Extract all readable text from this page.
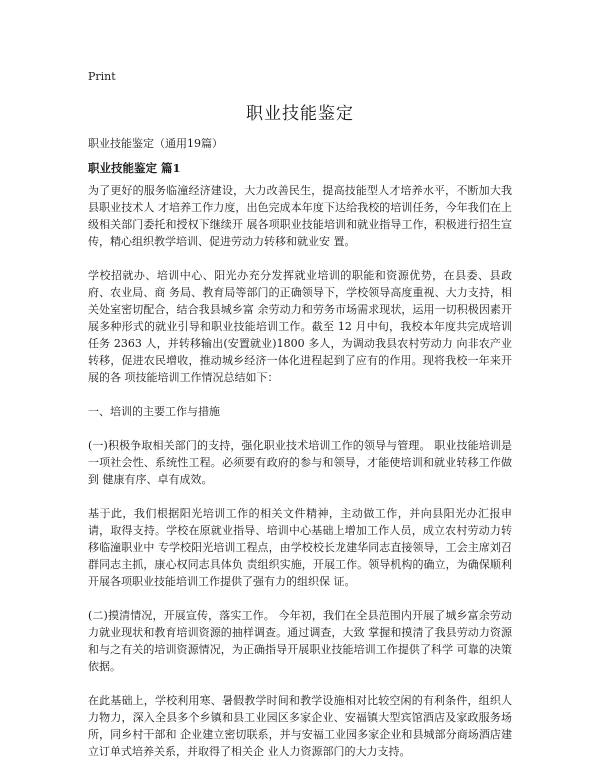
Print
职业技能鉴定

职业技能鉴定（通用19篇）

职业技能鉴定 篇1

为了更好的服务临潼经济建设，大力改善民生，提高技能型人才培养水平，不断加大我县职业技术人 才培养工作力度，出色完成本年度下达给我校的培训任务，今年我们在上级相关部门委托和授权下继续开 展各项职业技能培训和就业指导工作，积极进行招生宣传，精心组织教学培训、促进劳动力转移和就业安 置。

学校招就办、培训中心、阳光办充分发挥就业培训的职能和资源优势，在县委、县政府、农业局、商 务局、教育局等部门的正确领导下，学校领导高度重视、大力支持，相关处室密切配合，结合我县城乡富 余劳动力和劳务市场需求现状，运用一切积极因素开展多种形式的就业引导和职业技能培训工作。截至 12 月中旬，我校本年度共完成培训任务 2363 人，并转移输出(安置就业)1800 多人，为调动我县农村劳动力 向非农产业转移，促进农民增收，推动城乡经济一体化进程起到了应有的作用。现将我校一年来开展的各 项技能培训工作情况总结如下：

一、培训的主要工作与措施

(一)积极争取相关部门的支持，强化职业技术培训工作的领导与管理。 职业技能培训是一项社会性、系统性工程。必须要有政府的参与和领导，才能使培训和就业转移工作做到 健康有序、卓有成效。

基于此，我们根据阳光培训工作的相关文件精神，主动做工作，并向县阳光办汇报申请，取得支持。学校在原就业指导、培训中心基础上增加工作人员，成立农村劳动力转移临潼职业中 专学校阳光培训工程点，由学校校长龙建华同志直接领导，工会主席刘召群同志主抓，康心权同志具体负 责组织实施，开展工作。领导机构的确立，为确保顺利开展各项职业技能培训工作提供了强有力的组织保 证。

(二)摸清情况，开展宣传，落实工作。 今年初，我们在全县范围内开展了城乡富余劳动力就业现状和教育培训资源的抽样调查。通过调查，大致 掌握和摸清了我县劳动力资源和与之有关的培训资源情况，为正确指导开展职业技能培训工作提供了科学 可靠的决策依据。

在此基础上，学校利用寒、暑假教学时间和教学设施相对比较空闲的有利条件，组织人 力物力，深入全县多个乡镇和县工业园区多家企业、安福镇大型宾馆酒店及家政服务场所，同乡村干部和 企业建立密切联系，并与安福工业园多家企业和县城部分商场酒店建立订单式培养关系，并取得了相关企 业人力资源部门的大力支持。
